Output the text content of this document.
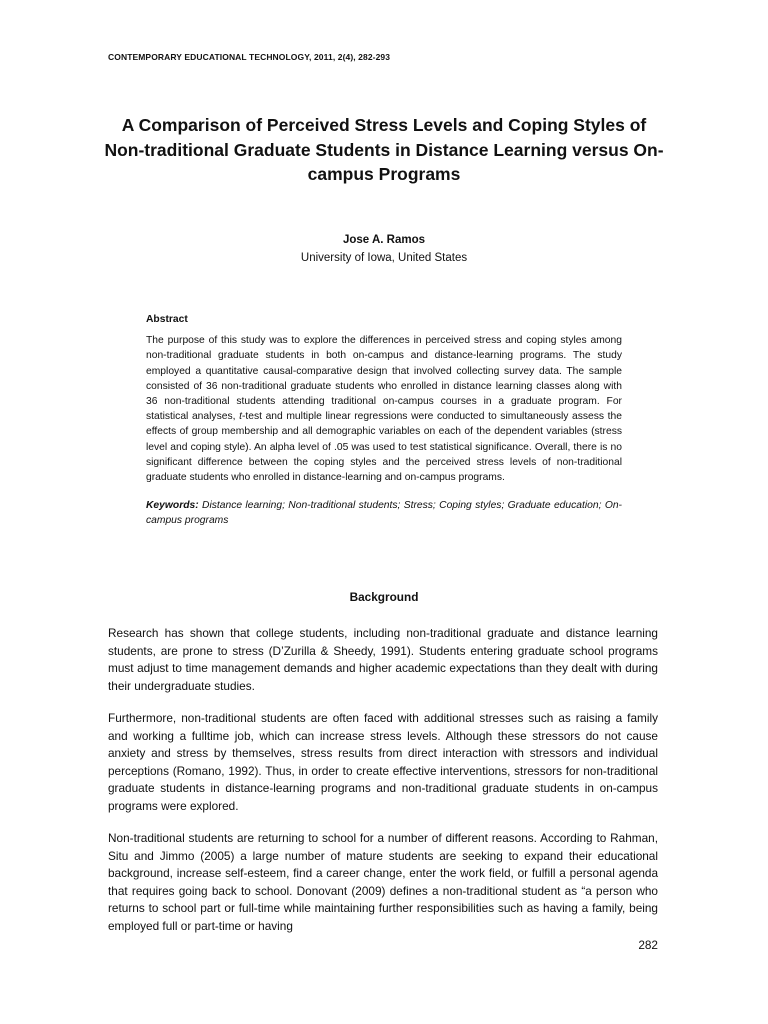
CONTEMPORARY EDUCATIONAL TECHNOLOGY, 2011, 2(4), 282-293
A Comparison of Perceived Stress Levels and Coping Styles of Non-traditional Graduate Students in Distance Learning versus On-campus Programs
Jose A. Ramos
University of Iowa, United States
Abstract

The purpose of this study was to explore the differences in perceived stress and coping styles among non-traditional graduate students in both on-campus and distance-learning programs. The study employed a quantitative causal-comparative design that involved collecting survey data. The sample consisted of 36 non-traditional graduate students who enrolled in distance learning classes along with 36 non-traditional students attending traditional on-campus courses in a graduate program. For statistical analyses, t-test and multiple linear regressions were conducted to simultaneously assess the effects of group membership and all demographic variables on each of the dependent variables (stress level and coping style). An alpha level of .05 was used to test statistical significance. Overall, there is no significant difference between the coping styles and the perceived stress levels of non-traditional graduate students who enrolled in distance-learning and on-campus programs.

Keywords: Distance learning; Non-traditional students; Stress; Coping styles; Graduate education; On-campus programs

Background

Research has shown that college students, including non-traditional graduate and distance learning students, are prone to stress (D’Zurilla & Sheedy, 1991). Students entering graduate school programs must adjust to time management demands and higher academic expectations than they dealt with during their undergraduate studies.

Furthermore, non-traditional students are often faced with additional stresses such as raising a family and working a fulltime job, which can increase stress levels. Although these stressors do not cause anxiety and stress by themselves, stress results from direct interaction with stressors and individual perceptions (Romano, 1992). Thus, in order to create effective interventions, stressors for non-traditional graduate students in distance-learning programs and non-traditional graduate students in on-campus programs were explored.

Non-traditional students are returning to school for a number of different reasons. According to Rahman, Situ and Jimmo (2005) a large number of mature students are seeking to expand their educational background, increase self-esteem, find a career change, enter the work field, or fulfill a personal agenda that requires going back to school. Donovant (2009) defines a non-traditional student as “a person who returns to school part or full-time while maintaining further responsibilities such as having a family, being employed full or part-time or having

282
